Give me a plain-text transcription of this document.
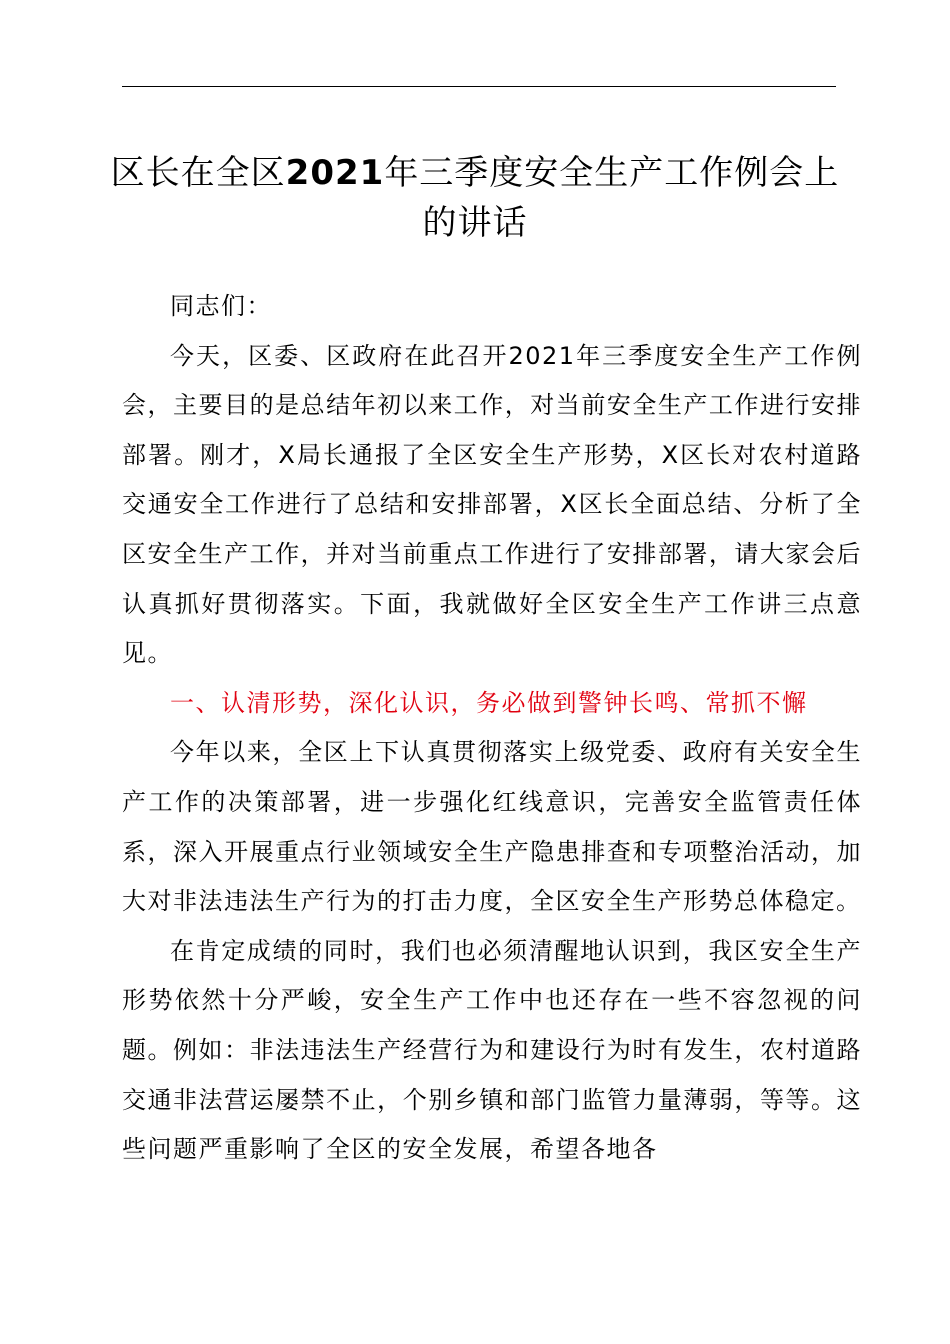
区长在全区2021年三季度安全生产工作例会上的讲话

同志们：

今天，区委、区政府在此召开2021年三季度安全生产工作例会，主要目的是总结年初以来工作，对当前安全生产工作进行安排部署。刚才，X局长通报了全区安全生产形势，X区长对农村道路交通安全工作进行了总结和安排部署，X区长全面总结、分析了全区安全生产工作，并对当前重点工作进行了安排部署，请大家会后认真抓好贯彻落实。下面，我就做好全区安全生产工作讲三点意见。

一、认清形势，深化认识，务必做到警钟长鸣、常抓不懈

今年以来，全区上下认真贯彻落实上级党委、政府有关安全生产工作的决策部署，进一步强化红线意识，完善安全监管责任体系，深入开展重点行业领域安全生产隐患排查和专项整治活动，加大对非法违法生产行为的打击力度，全区安全生产形势总体稳定。

在肯定成绩的同时，我们也必须清醒地认识到，我区安全生产形势依然十分严峻，安全生产工作中也还存在一些不容忽视的问题。例如：非法违法生产经营行为和建设行为时有发生，农村道路交通非法营运屡禁不止，个别乡镇和部门监管力量薄弱，等等。这些问题严重影响了全区的安全发展，希望各地各
